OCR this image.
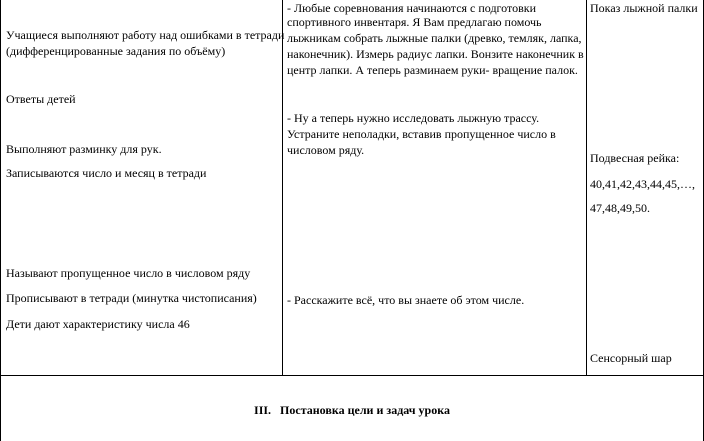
Учащиеся выполняют работу над ошибками в тетради
(дифференцированные задания по объёму)
Ответы детей
Выполняют разминку для рук.
Записываются число и месяц в тетради
Называют пропущенное число в числовом ряду
Прописывают в тетради (минутка чистописания)
Дети дают характеристику числа 46
- Любые соревнования начинаются с подготовки
спортивного инвентаря. Я Вам предлагаю помочь
лыжникам собрать лыжные палки (древко, темляк, лапка,
наконечник). Измерь радиус лапки. Вонзите наконечник в
центр лапки. А теперь разминаем руки- вращение палок.
- Ну а теперь нужно исследовать лыжную трассу.
Устраните неполадки, вставив пропущенное число в
числовом ряду.
- Расскажите всё, что вы знаете об этом числе.
Показ лыжной палки
Подвесная рейка:
40,41,42,43,44,45,…,
47,48,49,50.
Сенсорный шар
III. Постановка цели и задач урока
